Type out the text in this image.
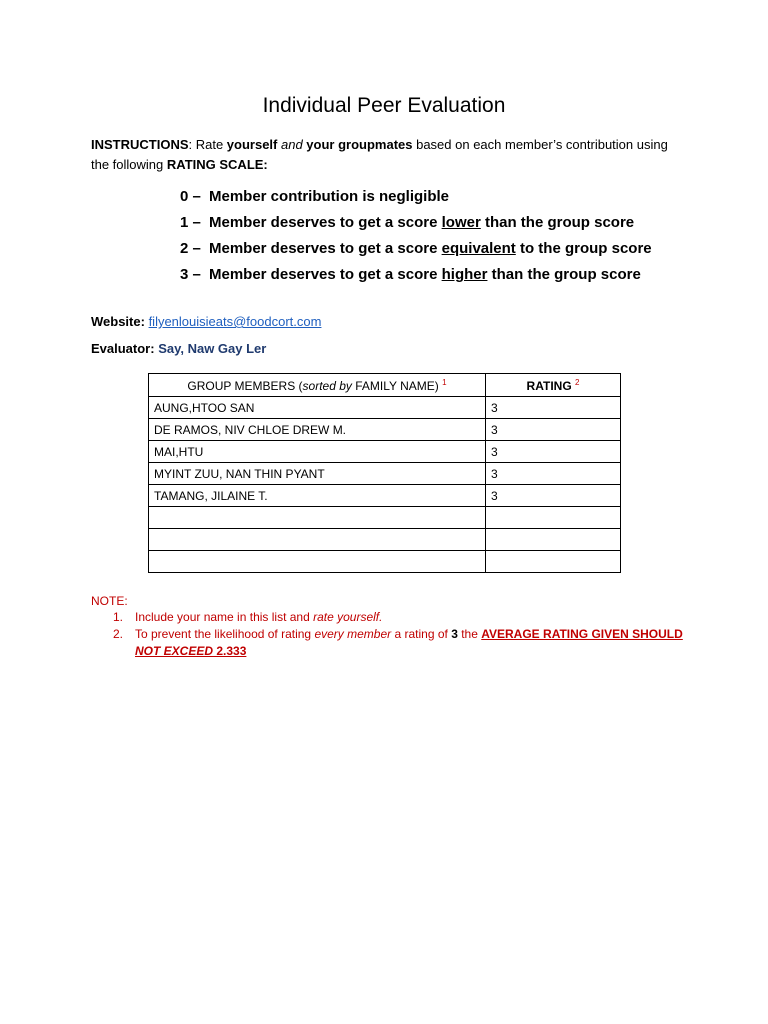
Individual Peer Evaluation
INSTRUCTIONS: Rate yourself and your groupmates based on each member’s contribution using the following RATING SCALE:
0 – Member contribution is negligible
1 – Member deserves to get a score lower than the group score
2 – Member deserves to get a score equivalent to the group score
3 – Member deserves to get a score higher than the group score
Website: filyenlouisieats@foodcort.com
Evaluator: Say, Naw Gay Ler
GROUP MEMBERS (sorted by FAMILY NAME) $^1$	RATING $^2$
AUNG,HTOO SAN	3
DE RAMOS, NIV CHLOE DREW M.	3
MAI,HTU	3
MYINT ZUU, NAN THIN PYANT	3
TAMANG, JILAINE T.	3

NOTE:
1. Include your name in this list and rate yourself.
2. To prevent the likelihood of rating every member a rating of 3 the AVERAGE RATING GIVEN SHOULD NOT EXCEED 2.333
